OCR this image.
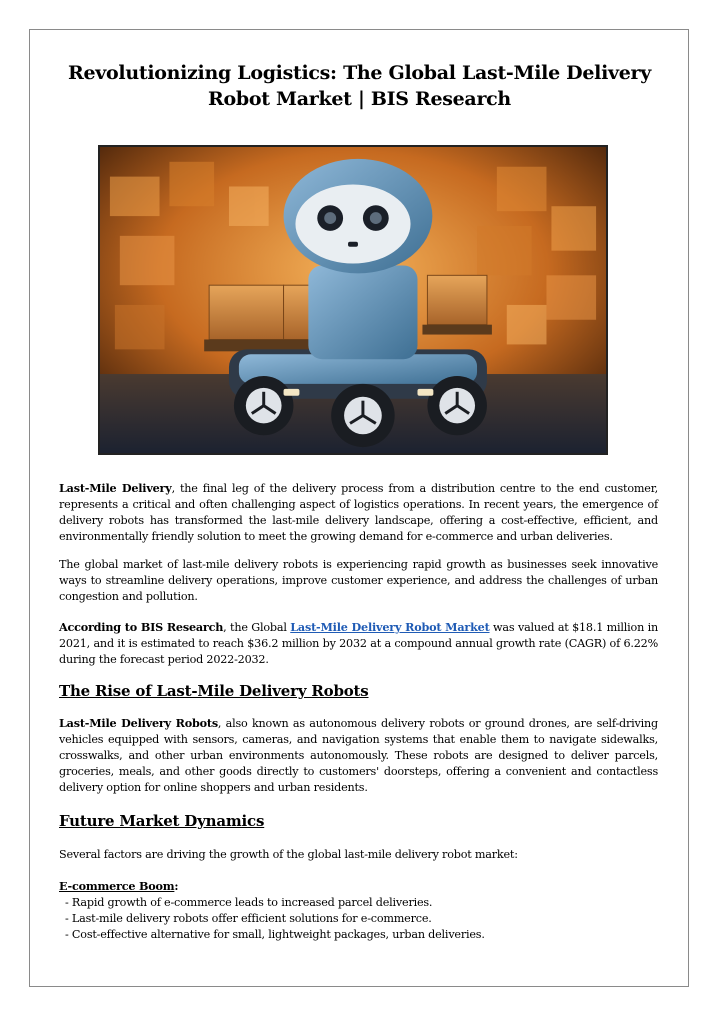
Revolutionizing Logistics: The Global Last-Mile Delivery Robot Market | BIS Research

Last-Mile Delivery, the final leg of the delivery process from a distribution centre to the end customer, represents a critical and often challenging aspect of logistics operations. In recent years, the emergence of delivery robots has transformed the last-mile delivery landscape, offering a cost-effective, efficient, and environmentally friendly solution to meet the growing demand for e-commerce and urban deliveries.

The global market of last-mile delivery robots is experiencing rapid growth as businesses seek innovative ways to streamline delivery operations, improve customer experience, and address the challenges of urban congestion and pollution.

According to BIS Research, the Global Last-Mile Delivery Robot Market was valued at $18.1 million in 2021, and it is estimated to reach $36.2 million by 2032 at a compound annual growth rate (CAGR) of 6.22% during the forecast period 2022-2032.

The Rise of Last-Mile Delivery Robots

Last-Mile Delivery Robots, also known as autonomous delivery robots or ground drones, are self-driving vehicles equipped with sensors, cameras, and navigation systems that enable them to navigate sidewalks, crosswalks, and other urban environments autonomously. These robots are designed to deliver parcels, groceries, meals, and other goods directly to customers' doorsteps, offering a convenient and contactless delivery option for online shoppers and urban residents.

Future Market Dynamics

Several factors are driving the growth of the global last-mile delivery robot market:

E-commerce Boom:

- Rapid growth of e-commerce leads to increased parcel deliveries.
- Last-mile delivery robots offer efficient solutions for e-commerce.
- Cost-effective alternative for small, lightweight packages, urban deliveries.
